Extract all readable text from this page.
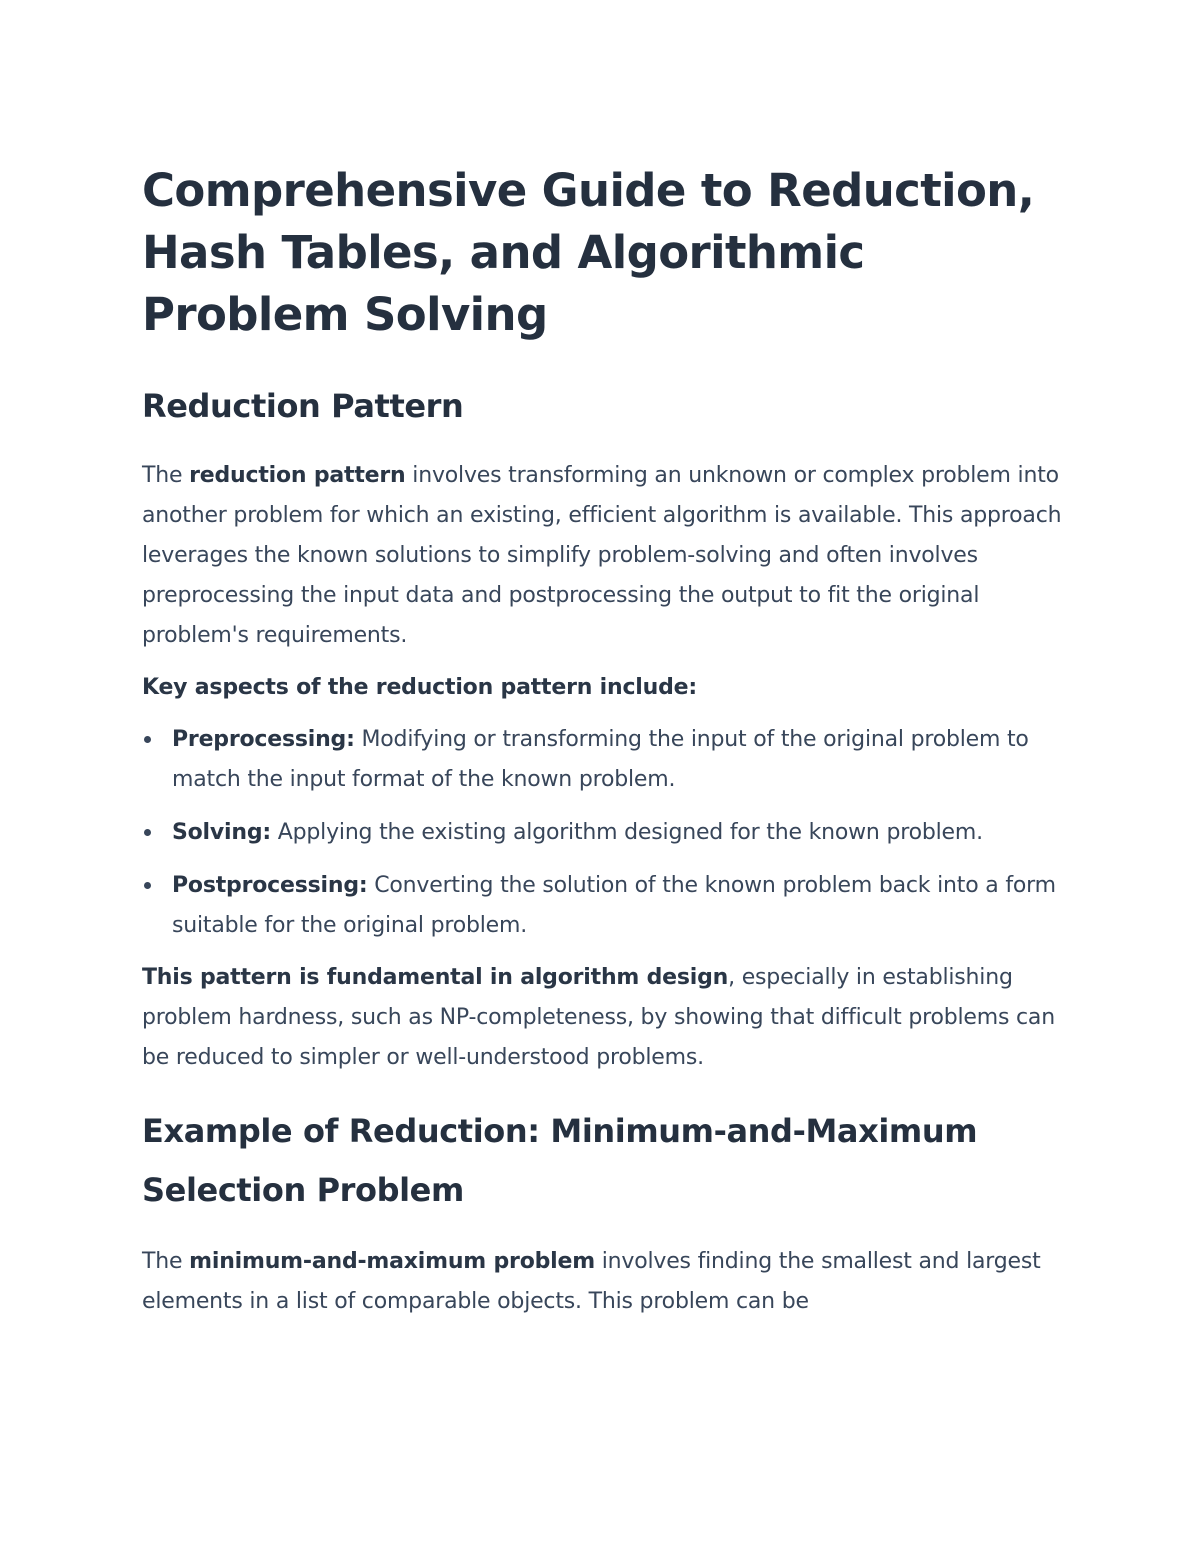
Comprehensive Guide to Reduction, Hash Tables, and Algorithmic Problem Solving
Reduction Pattern

The reduction pattern involves transforming an unknown or complex problem into another problem for which an existing, efficient algorithm is available. This approach leverages the known solutions to simplify problem-solving and often involves preprocessing the input data and postprocessing the output to fit the original problem's requirements.

Key aspects of the reduction pattern include:

Preprocessing: Modifying or transforming the input of the original problem to match the input format of the known problem.
Solving: Applying the existing algorithm designed for the known problem.
Postprocessing: Converting the solution of the known problem back into a form suitable for the original problem.

This pattern is fundamental in algorithm design, especially in establishing problem hardness, such as NP-completeness, by showing that difficult problems can be reduced to simpler or well-understood problems.

Example of Reduction: Minimum-and-Maximum Selection Problem

The minimum-and-maximum problem involves finding the smallest and largest elements in a list of comparable objects. This problem can be
